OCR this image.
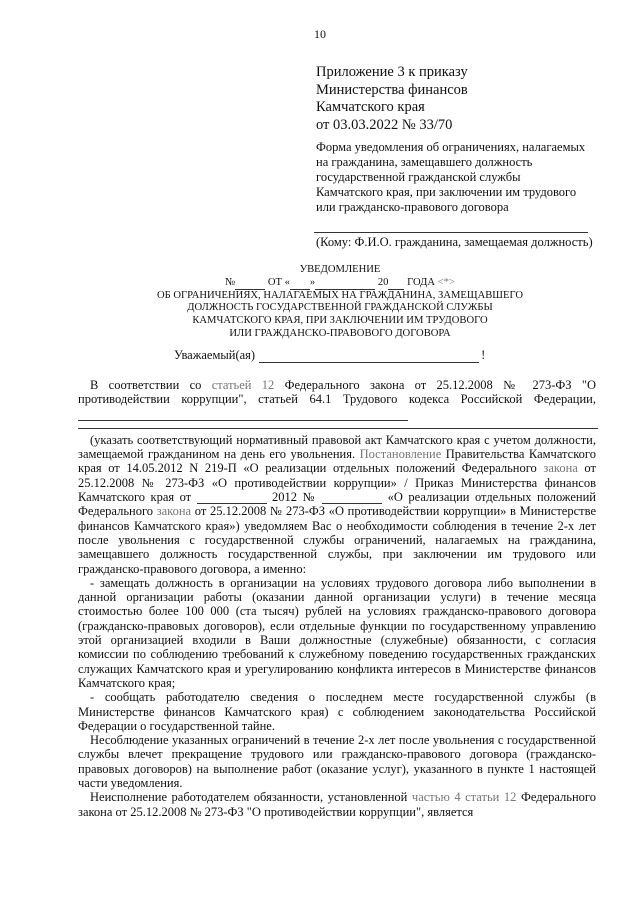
10
Приложение 3 к приказу
Министерства финансов
Камчатского края
от 03.03.2022 № 33/70
Форма уведомления об ограничениях, налагаемых на гражданина, замещавшего должность государственной гражданской службы Камчатского края, при заключении им трудового или гражданско-правового договора
(Кому: Ф.И.О. гражданина, замещаемая должность)
УВЕДОМЛЕНИЕ
№	ОТ « »	20 ГОДА <*>
ОБ ОГРАНИЧЕНИЯХ, НАЛАГАЕМЫХ НА ГРАЖДАНИНА, ЗАМЕЩАВШЕГО
ДОЛЖНОСТЬ ГОСУДАРСТВЕННОЙ ГРАЖДАНСКОЙ СЛУЖБЫ
КАМЧАТСКОГО КРАЯ, ПРИ ЗАКЛЮЧЕНИИ ИМ ТРУДОВОГО
ИЛИ ГРАЖДАНСКО-ПРАВОВОГО ДОГОВОРА
Уважаемый(ая)	!

В соответствии со статьей 12 Федерального закона от 25.12.2008 № 273-ФЗ "О противодействии коррупции", статьей 64.1 Трудового кодекса Российской Федерации,

(указать соответствующий нормативный правовой акт Камчатского края с учетом должности, замещаемой гражданином на день его увольнения. Постановление Правительства Камчатского края от 14.05.2012 N 219-П «О реализации отдельных положений Федерального закона от 25.12.2008 № 273-ФЗ «О противодействии коррупции» / Приказ Министерства финансов Камчатского края от	2012 №	«О реализации отдельных положений Федерального закона от 25.12.2008 № 273-ФЗ «О противодействии коррупции» в Министерстве финансов Камчатского края») уведомляем Вас о необходимости соблюдения в течение 2-х лет после увольнения с государственной службы ограничений, налагаемых на гражданина, замещавшего должность государственной службы, при заключении им трудового или гражданско-правового договора, а именно:

- замещать должность в организации на условиях трудового договора либо выполнении в данной организации работы (оказании данной организации услуги) в течение месяца стоимостью более 100 000 (ста тысяч) рублей на условиях гражданско-правового договора (гражданско-правовых договоров), если отдельные функции по государственному управлению этой организацией входили в Ваши должностные (служебные) обязанности, с согласия комиссии по соблюдению требований к служебному поведению государственных гражданских служащих Камчатского края и урегулированию конфликта интересов в Министерстве финансов Камчатского края;

- сообщать работодателю сведения о последнем месте государственной службы (в Министерстве финансов Камчатского края) с соблюдением законодательства Российской Федерации о государственной тайне.

Несоблюдение указанных ограничений в течение 2-х лет после увольнения с государственной службы влечет прекращение трудового или гражданско-правового договора (гражданско-правовых договоров) на выполнение работ (оказание услуг), указанного в пункте 1 настоящей части уведомления.

Неисполнение работодателем обязанности, установленной частью 4 статьи 12 Федерального закона от 25.12.2008 № 273-ФЗ "О противодействии коррупции", является
